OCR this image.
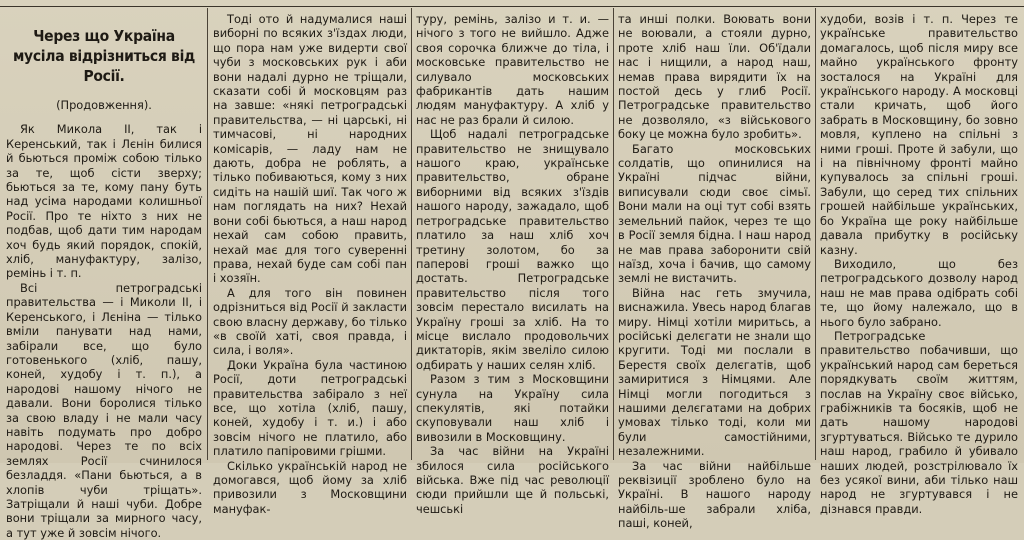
Через що Україна мусіла відрізниться від Росії.
(Продовження).

Як Микола II, так і Керенський, так і Лєнін билися й бьються проміж собою тілько за те, щоб сісти зверху; бьються за те, кому пану буть над усіма народами колишньої Росії. Про те ніхто з них не подбав, щоб дати тим народам хоч будь який порядок, спокій, хліб, мануфактуру, залізо, ремінь і т. п.

Всі петроградські правительства — і Миколи II, і Керенського, і Лєніна — тілько вміли панувати над нами, забірали все, що було готовенького (хліб, пашу, коней, худобу і т. п.), а народові нашому нічого не давали. Вони боролися тілько за свою владу і не мали часу навіть подумать про добро народові. Через те по всіх землях Росії счинилося безладдя. «Пани бьються, а в хлопів чуби тріщать». Затріщали й наші чуби. Добре вони тріщали за мирного часу, а тут уже й зовсім нічого.

Тоді ото й надумалися наші виборні по всяких з'їздах люди, що пора нам уже видерти свої чуби з московських рук і аби вони надалі дурно не тріщали, сказати собі й московцям раз на завше: «някі петроградські правительства, — ні царські, ні тимчасові, ні народних комісарів, — ладу нам не дають, добра не роблять, а тілько побиваються, кому з них сидіть на нашій шиї. Так чого ж нам поглядать на них? Нехай вони собі бьються, а наш народ нехай сам собою править, нехай має для того суверенні права, нехай буде сам собі пан і хозяїн.

А для того він повинен одрізниться від Росії й закласти свою власну державу, бо тілько «в своїй хаті, своя правда, і сила, і воля».

Доки Україна була частиною Росії, доти петроградські правительства забірало з неї все, що хотіла (хліб, пашу, коней, худобу і т. и.) і або зовсім нічого не платило, або платило папіровими грішми.

Скілько українській народ не домогався, щоб йому за хліб привозили з Московщини мануфак-

туру, ремінь, залізо и т. и. — нічого з того не вийшло. Адже своя сорочка ближче до тіла, і московське правительство не силувало московських фабрикантів дать нашим людям мануфактуру. А хліб у нас не раз брали й силою.

Щоб надалі петроградське правительство не знищувало нашого краю, українське правительство, обране виборними від всяких з'їздів нашого народу, зажадало, щоб петроградське правительство платило за наш хліб хоч третину золотом, бо за паперові гроші важко що достать. Петроградське правительство після того зовсім перестало висилать на Україну гроші за хліб. На то місце вислало продовольчих диктаторів, якім звеліло силою одбирать у наших селян хліб.

Разом з тим з Московщини сунула на Україну сила спекулятів, які потайки скуповували наш хліб і вивозили в Московщину.

За час війни на Україні збилося сила російського війська. Вже під час революції сюди прийшли ще й польські, чешські

та инші полки. Воювать вони не воювали, а стояли дурно, проте хліб наш їли. Об'їдали нас і нищили, а народ наш, немав права вирядити їх на постой десь у глиб Росії. Петроградське правительство не дозволяло, «з військового боку це можна було зробить».

Багато московських солдатів, що опинилися на Україні підчас війни, виписували сюди своє сімьї. Вони мали на оці тут собі взять земельний пайок, через те що в Росії земля бідна. І наш народ не мав права заборонити свій наїзд, хоча і бачив, що самому землі не вистачить.

Війна нас геть змучила, виснажила. Увесь народ благав миру. Німці хотіли миритьсь, а російські делєгати не знали що кругити. Тоді ми послали в Берестя своїх делєгатів, щоб замиритися з Німцями. Але Німці могли погодиться з нашими делєгатами на добрих умовах тілько тоді, коли ми були самостійними, незалежними.

За час війни найбільше реквізиції зроблено було на Україні. В нашого народу найбіль-ше забрали хліба, паші, коней,

худоби, возів і т. п. Через те українське правительство домагалось, щоб після миру все майно українського фронту зосталося на Україні для українського народу. А московці стали кричать, щоб його забрать в Московщину, бо зовно мовля, куплено на спільні з ними гроші. Проте й забули, що і на північному фронті майно купувалось за спільні гроші. Забули, що серед тих спільних грошей найбільше українських, бо Україна ще року найбільше давала прибутку в російську казну.

Виходило, що без петроградського дозволу народ наш не мав права одібрать собі те, що йому належало, що в нього було забрано.

Петроградське правительство побачивши, що український народ сам береться порядкувать своїм життям, послав на Україну своє військо, грабіжників та босяків, щоб не дать нашому народові згуртуваться. Військо те дурило наш народ, грабило й убивало наших людей, розстрілювало їх без усякої вини, аби тілько наш народ не згуртувався і не дізнався правди.
